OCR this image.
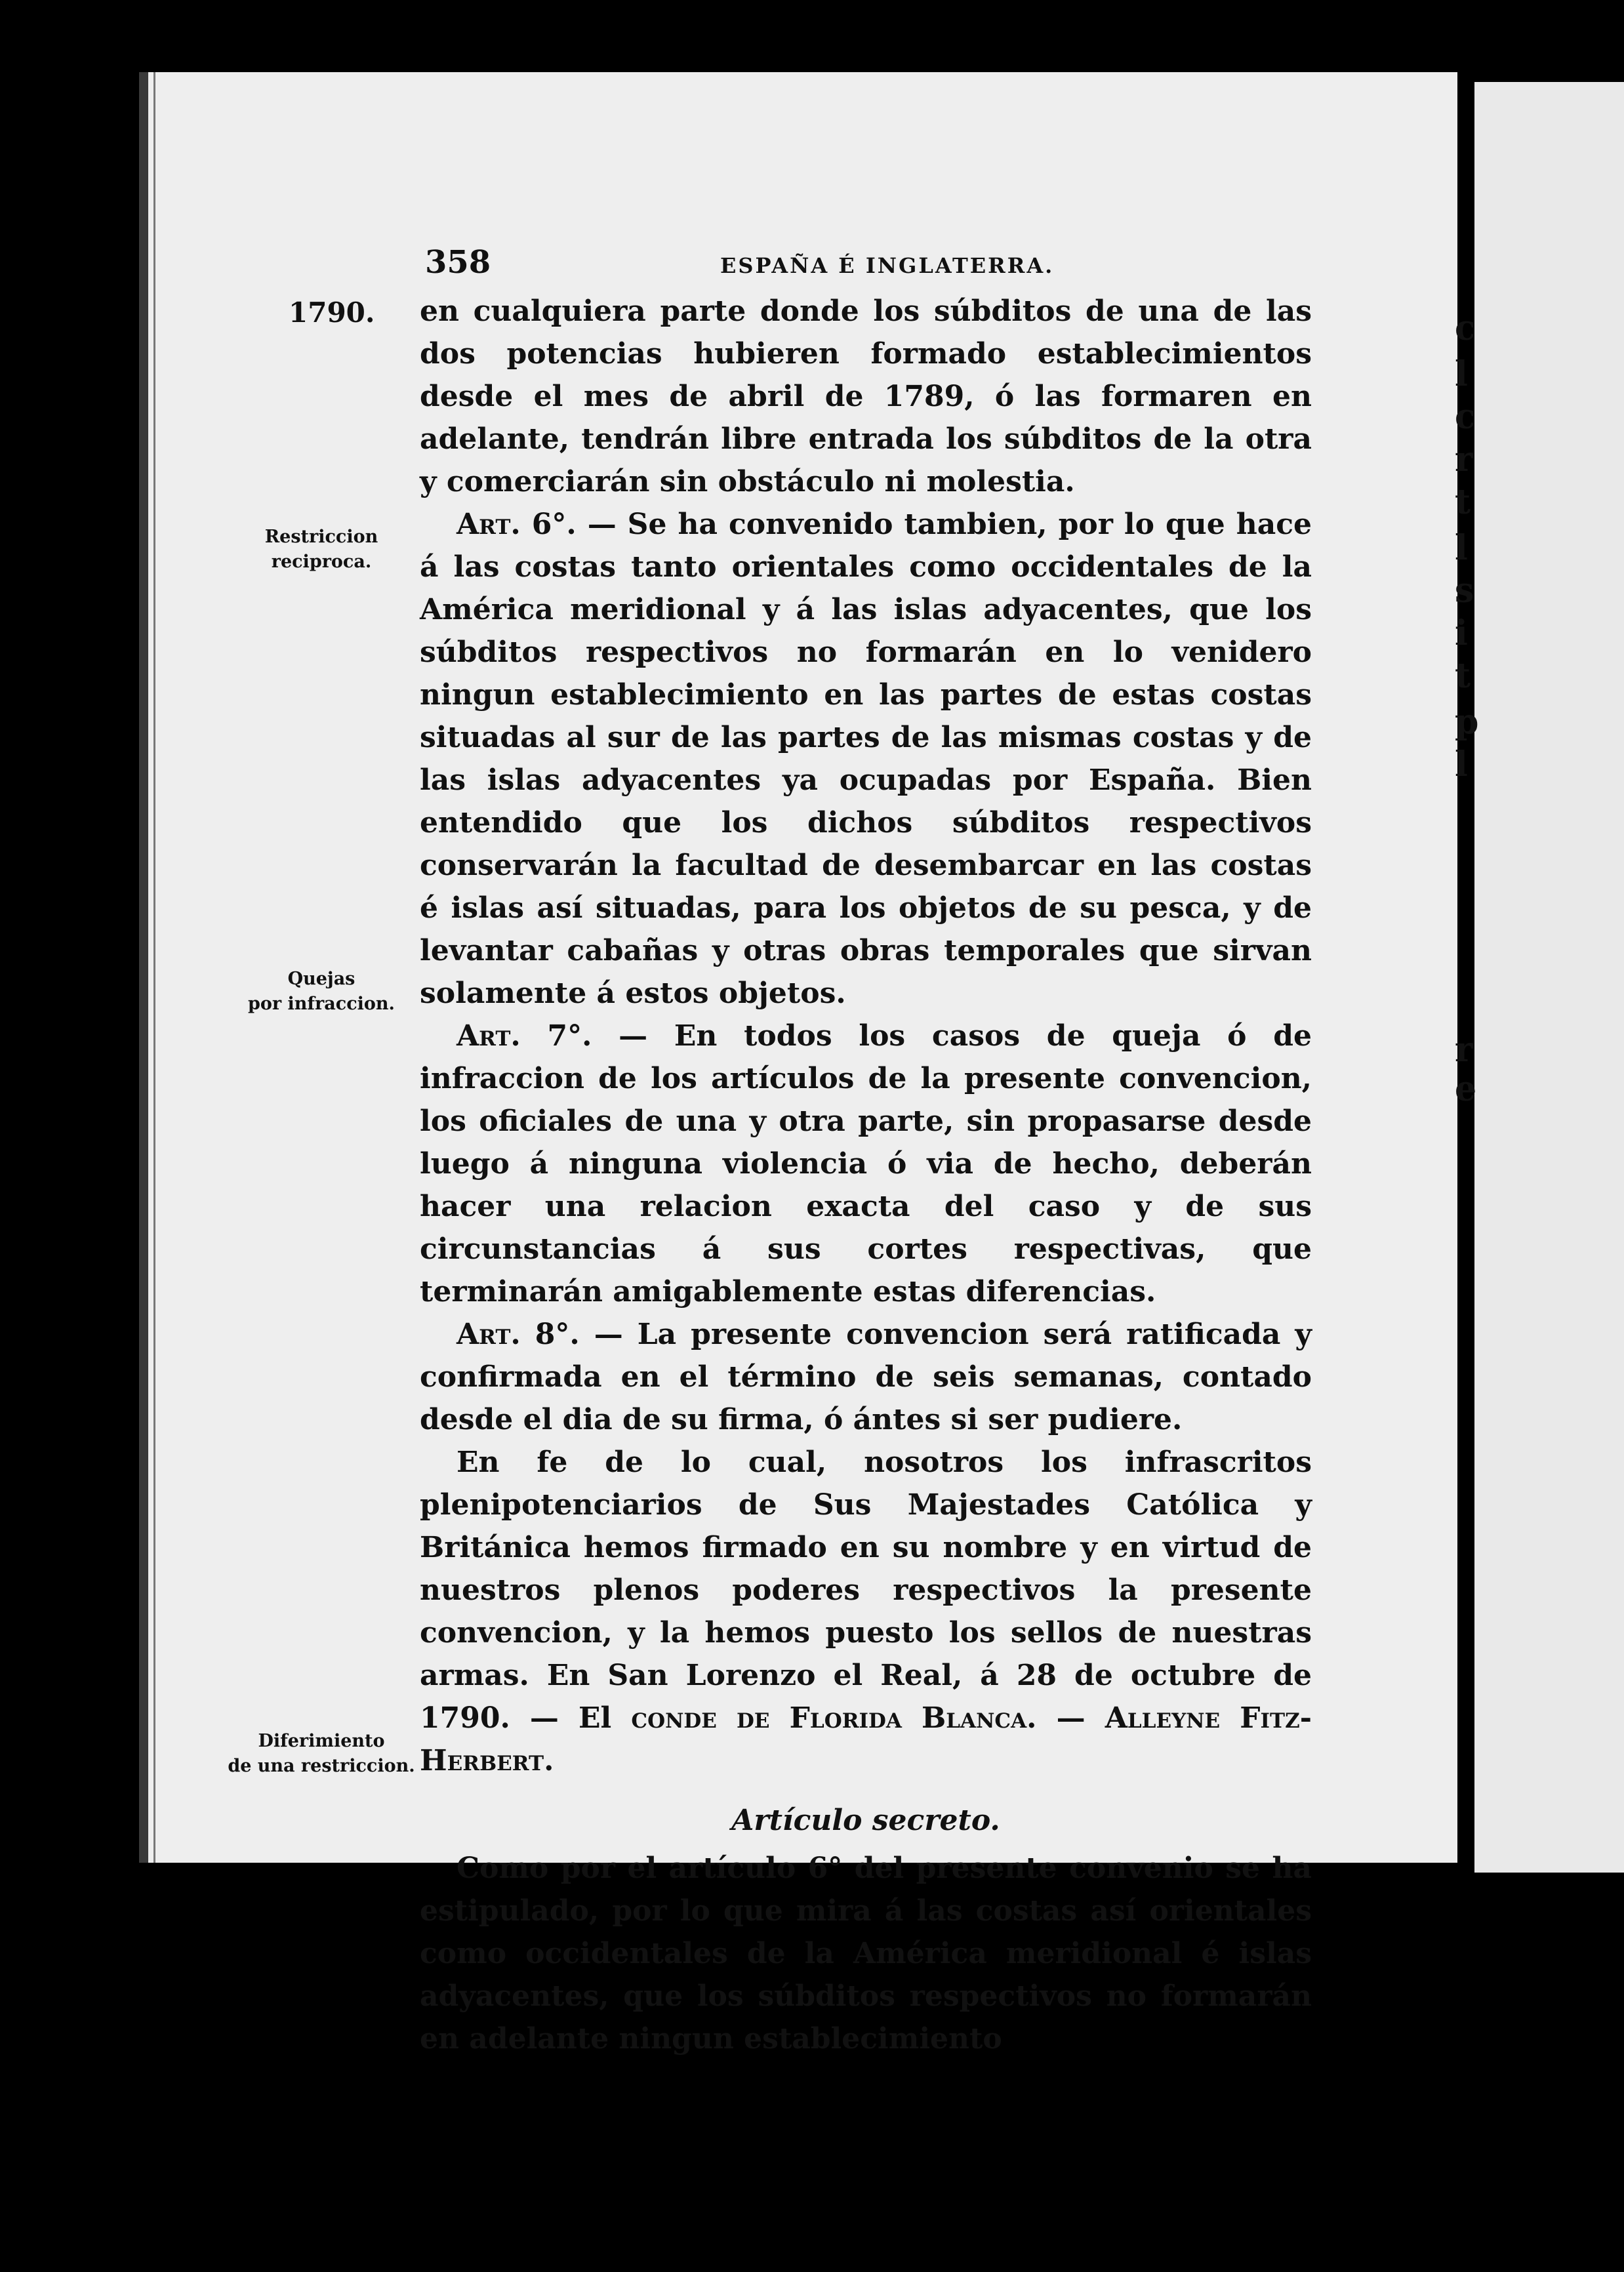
c
l
c
r
t
l
s
i
t
p
l
r
e
358	ESPAÑA É INGLATERRA.
1790.
Restriccion
reciproca.
Quejas
por infraccion.
Diferimiento
de una restriccion.

en cualquiera parte donde los súbditos de una de las dos potencias hubieren formado establecimientos desde el mes de abril de 1789, ó las formaren en adelante, tendrán libre entrada los súbditos de la otra y comerciarán sin obstáculo ni molestia.

Art. 6°. — Se ha convenido tambien, por lo que hace á las costas tanto orientales como occidentales de la América meridional y á las islas adyacentes, que los súbditos respectivos no formarán en lo venidero ningun establecimiento en las partes de estas costas situadas al sur de las partes de las mismas costas y de las islas adyacentes ya ocupadas por España. Bien entendido que los dichos súbditos respectivos conservarán la facultad de desembarcar en las costas é islas así situadas, para los objetos de su pesca, y de levantar cabañas y otras obras temporales que sirvan solamente á estos objetos.

Art. 7°. — En todos los casos de queja ó de infraccion de los artículos de la presente convencion, los oficiales de una y otra parte, sin propasarse desde luego á ninguna violencia ó via de hecho, deberán hacer una relacion exacta del caso y de sus circunstancias á sus cortes respectivas, que terminarán amigablemente estas diferencias.

Art. 8°. — La presente convencion será ratificada y confirmada en el término de seis semanas, contado desde el dia de su firma, ó ántes si ser pudiere.

En fe de lo cual, nosotros los infrascritos plenipotenciarios de Sus Majestades Católica y Británica hemos firmado en su nombre y en virtud de nuestros plenos poderes respectivos la presente convencion, y la hemos puesto los sellos de nuestras armas. En San Lorenzo el Real, á 28 de octubre de 1790. — El conde de Florida Blanca. — Alleyne Fitz-Herbert.

Artículo secreto.

Como por el artículo 6° del presente convenio se ha estipulado, por lo que mira á las costas así orientales como occidentales de la América meridional é islas adyacentes, que los súbditos respectivos no formarán en adelante ningun establecimiento
